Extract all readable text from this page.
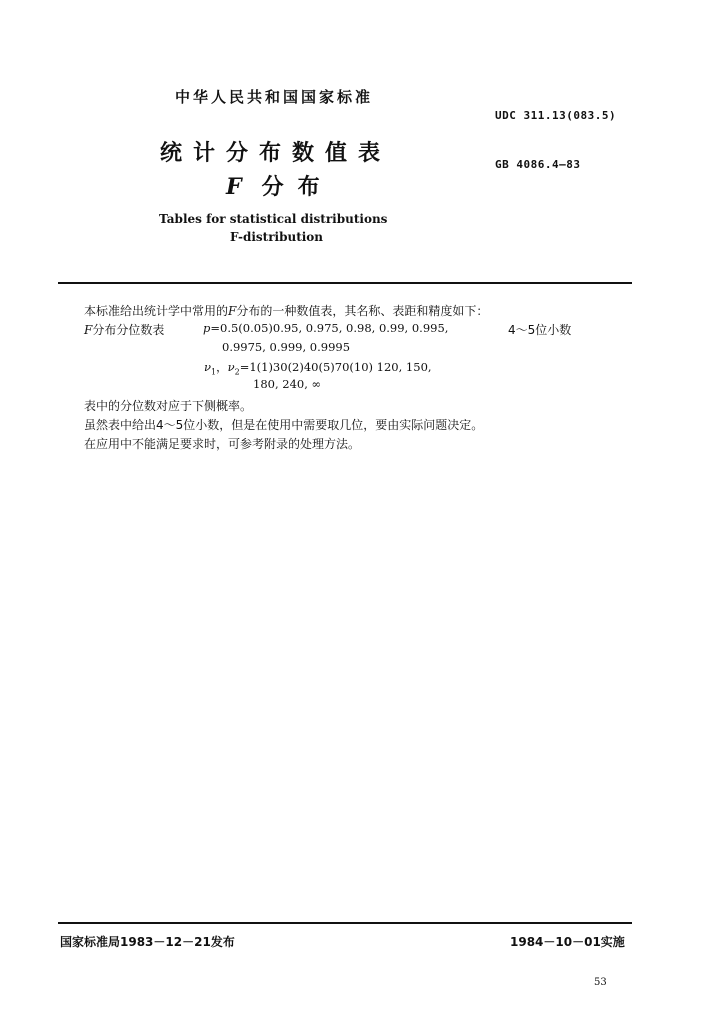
中华人民共和国国家标准
UDC 311.13(083.5)
统计分布数值表	GB 4086.4—83
F 分布
Tables for statistical distributions
F-distribution
本标准给出统计学中常用的F分布的一种数值表，其名称、表距和精度如下：
F分布分位数表	p=0.5(0.05)0.95, 0.975, 0.98, 0.99, 0.995,	4～5位小数
0.9975, 0.999, 0.9995
$\nu_1$，$\nu_2=1(1)30(2)40(5)70(10)$ 120, 150,
180, 240, ∞
表中的分位数对应于下侧概率。
虽然表中给出4～5位小数，但是在使用中需要取几位，要由实际问题决定。
在应用中不能满足要求时，可参考附录的处理方法。
国家标准局1983－12－21发布	1984－10－01实施
53
